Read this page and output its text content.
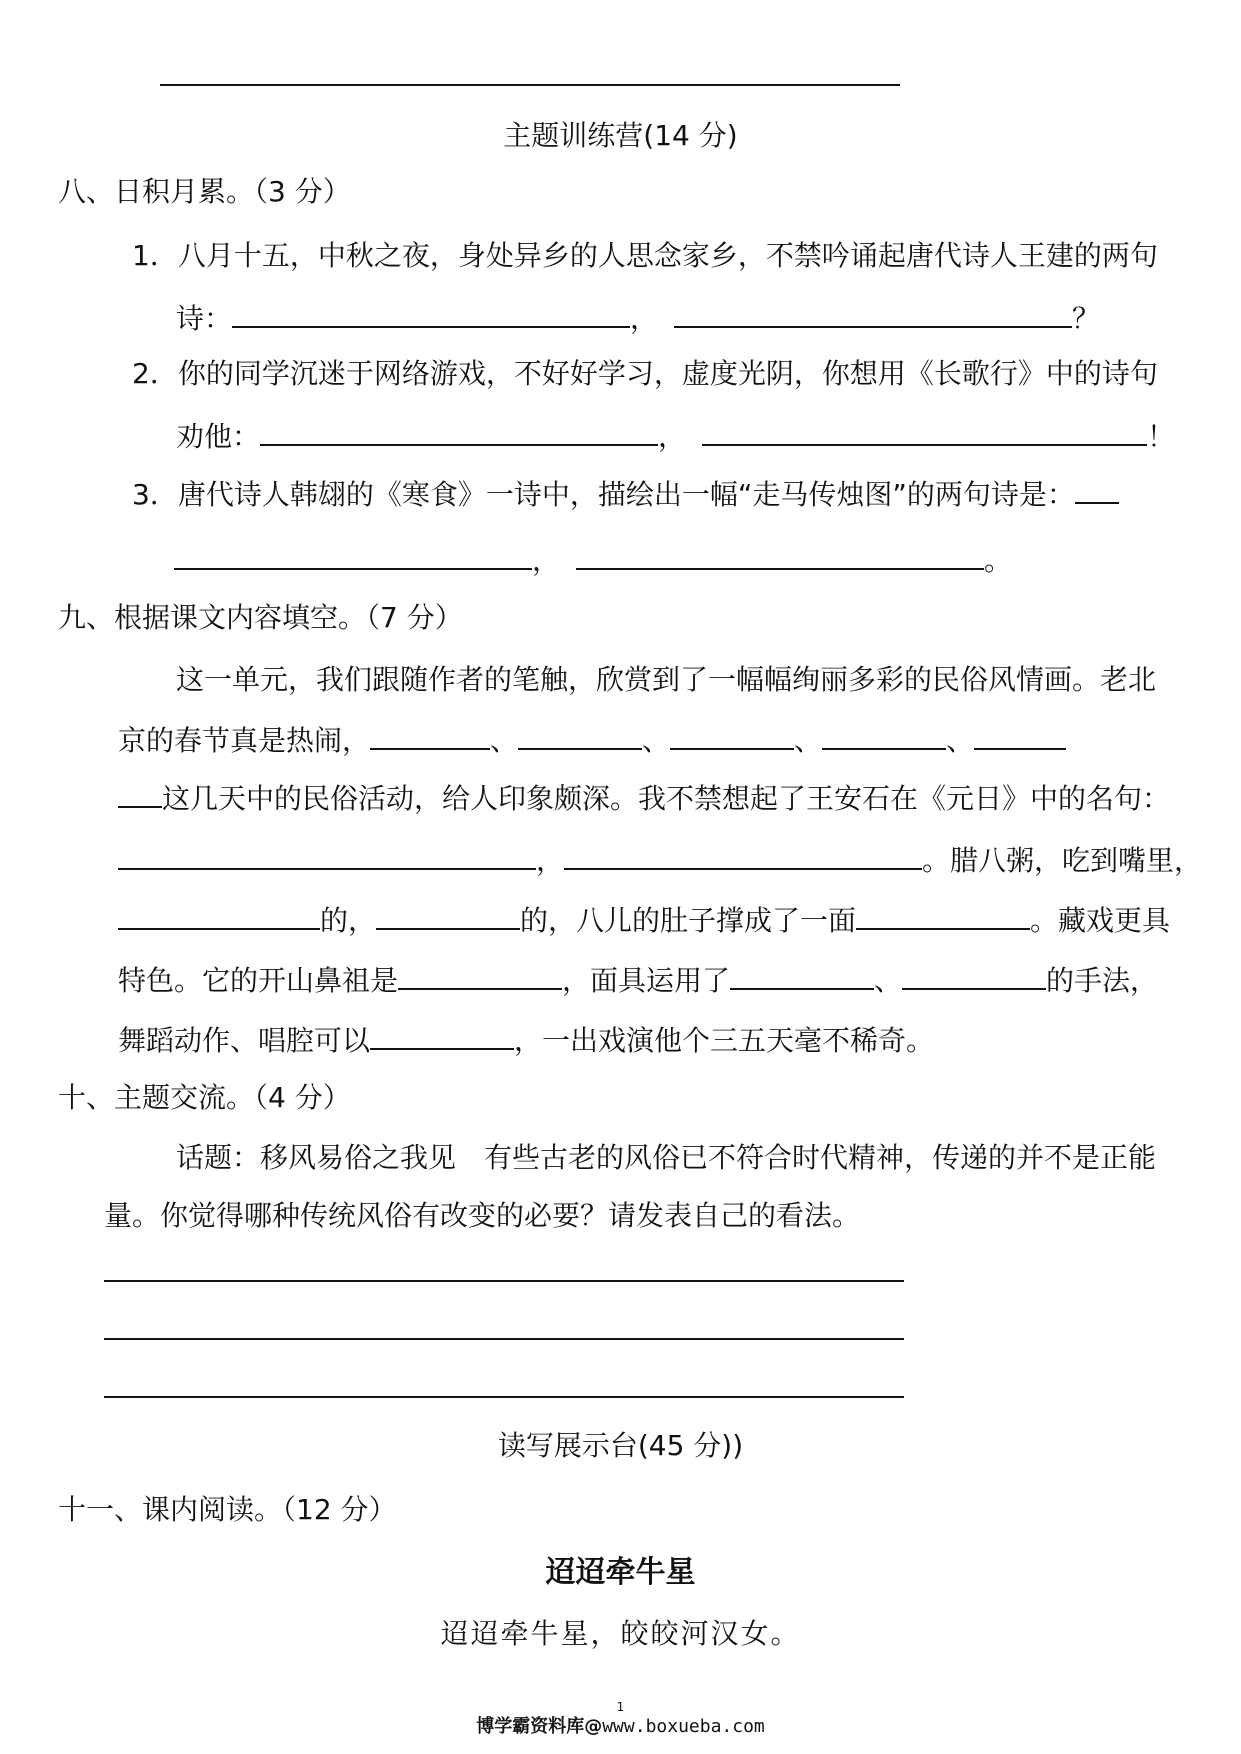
主题训练营(14 分)
八、日积月累。（3 分）
1．八月十五，中秋之夜，身处异乡的人思念家乡，不禁吟诵起唐代诗人王建的两句
诗：	，	？
2．你的同学沉迷于网络游戏，不好好学习，虚度光阴，你想用《长歌行》中的诗句
劝他：	，	！
3．唐代诗人韩翃的《寒食》一诗中，描绘出一幅“走马传烛图”的两句诗是：
，	。
九、根据课文内容填空。（7 分）
这一单元，我们跟随作者的笔触，欣赏到了一幅幅绚丽多彩的民俗风情画。老北
京的春节真是热闹，	、	、	、	、
这几天中的民俗活动，给人印象颇深。我不禁想起了王安石在《元日》中的名句：
，	。腊八粥，吃到嘴里，
的，	的，八儿的肚子撑成了一面	。藏戏更具
特色。它的开山鼻祖是	，面具运用了	、	的手法，
舞蹈动作、唱腔可以	，一出戏演他个三五天毫不稀奇。
十、主题交流。（4 分）
话题：移风易俗之我见　有些古老的风俗已不符合时代精神，传递的并不是正能
量。你觉得哪种传统风俗有改变的必要？请发表自己的看法。
读写展示台(45 分))
十一、课内阅读。（12 分）
迢迢牵牛星
迢迢牵牛星，皎皎河汉女。
1
博学霸资料库@www.boxueba.com
